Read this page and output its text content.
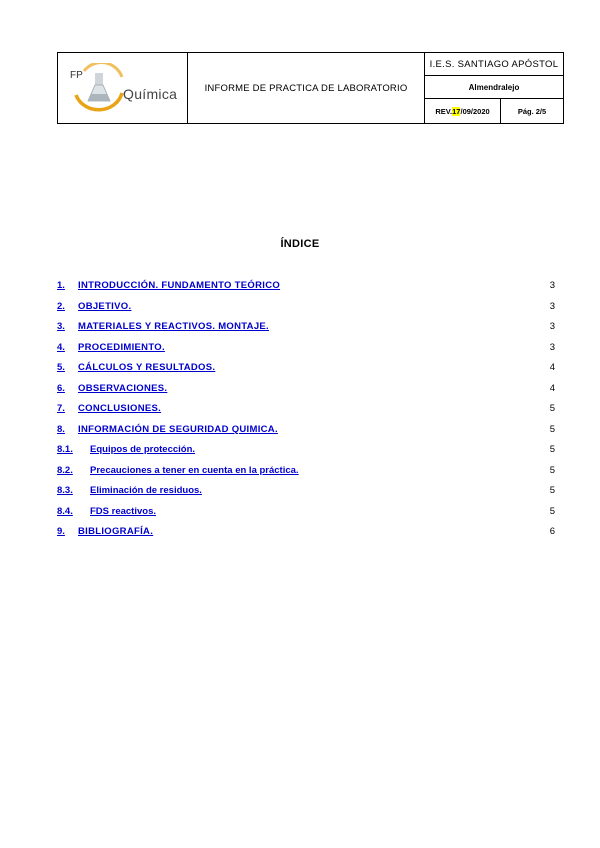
FP
Química	INFORME DE PRACTICA DE LABORATORIO
I.E.S. SANTIAGO APÓSTOL
Almendralejo
REV. 17 /09/2020	Pág. 2/5
ÍNDICE
1. INTRODUCCIÓN. FUNDAMENTO TEÓRICO	3
2. OBJETIVO.	3
3. MATERIALES Y REACTIVOS. MONTAJE.	3
4. PROCEDIMIENTO.	3
5. CÁLCULOS Y RESULTADOS.	4
6. OBSERVACIONES.	4
7. CONCLUSIONES.	5
8. INFORMACIÓN DE SEGURIDAD QUIMICA.	5
8.1. Equipos de protección.	5
8.2. Precauciones a tener en cuenta en la práctica.	5
8.3. Eliminación de residuos.	5
8.4. FDS reactivos.	5
9. BIBLIOGRAFÍA.	6
